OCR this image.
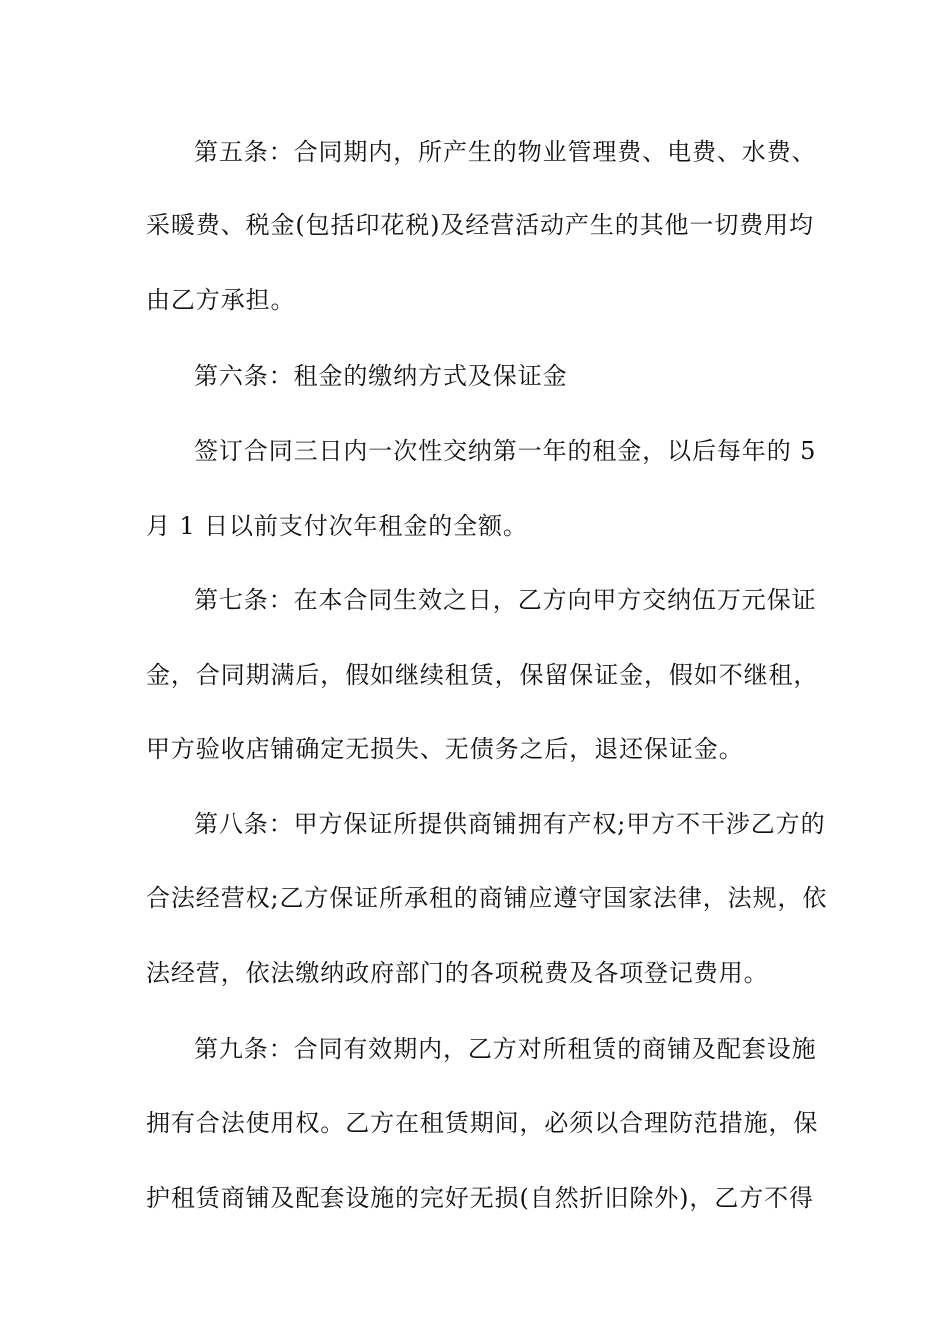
第五条：合同期内，所产生的物业管理费、电费、水费、
采暖费、税金(包括印花税)及经营活动产生的其他一切费用均
由乙方承担。
第六条：租金的缴纳方式及保证金
签订合同三日内一次性交纳第一年的租金，以后每年的 5
月 1 日以前支付次年租金的全额。
第七条：在本合同生效之日，乙方向甲方交纳伍万元保证
金，合同期满后，假如继续租赁，保留保证金，假如不继租，
甲方验收店铺确定无损失、无债务之后，退还保证金。
第八条：甲方保证所提供商铺拥有产权;甲方不干涉乙方的
合法经营权;乙方保证所承租的商铺应遵守国家法律，法规，依
法经营，依法缴纳政府部门的各项税费及各项登记费用。
第九条：合同有效期内，乙方对所租赁的商铺及配套设施
拥有合法使用权。乙方在租赁期间，必须以合理防范措施，保
护租赁商铺及配套设施的完好无损(自然折旧除外)，乙方不得
